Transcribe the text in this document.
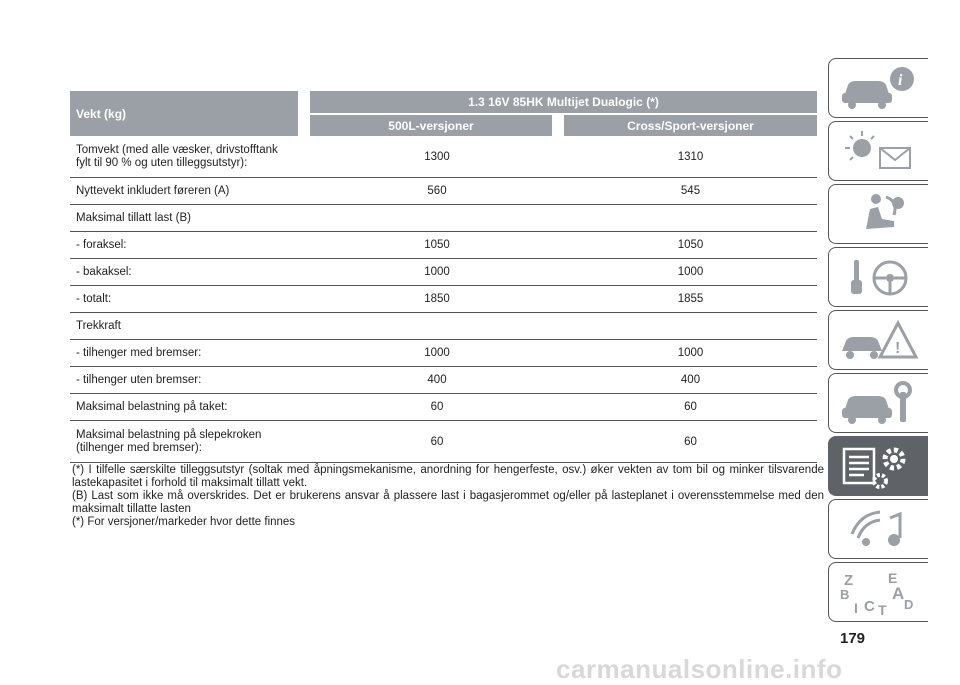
Vekt (kg)
1.3 16V 85HK Multijet Dualogic (*)
500L-versjoner	Cross/Sport-versjoner
Tomvekt (med alle væsker, drivstofftank
fylt til 90 % og uten tilleggsutstyr):	1300	1310
Nyttevekt inkludert føreren (A)	560	545
Maksimal tillatt last (B)
- foraksel:	1050	1050
- bakaksel:	1000	1000
- totalt:	1850	1855
Trekkraft
- tilhenger med bremser:	1000	1000
- tilhenger uten bremser:	400	400
Maksimal belastning på taket:	60	60
Maksimal belastning på slepekroken
(tilhenger med bremser):	60	60

(*) I tilfelle særskilte tilleggsutstyr (soltak med åpningsmekanisme, anordning for hengerfeste, osv.) øker vekten av tom bil og minker tilsvarende lastekapasitet i forhold til maksimalt tillatt vekt.

(B) Last som ikke må overskrides. Det er brukerens ansvar å plassere last i bagasjerommet og/eller på lasteplanet i overensstemmelse med den maksimalt tillatte lasten

(*) For versjoner/markeder hvor dette finnes

i
!
Z E
B	A
I C T D
179
carmanualsonline.info
